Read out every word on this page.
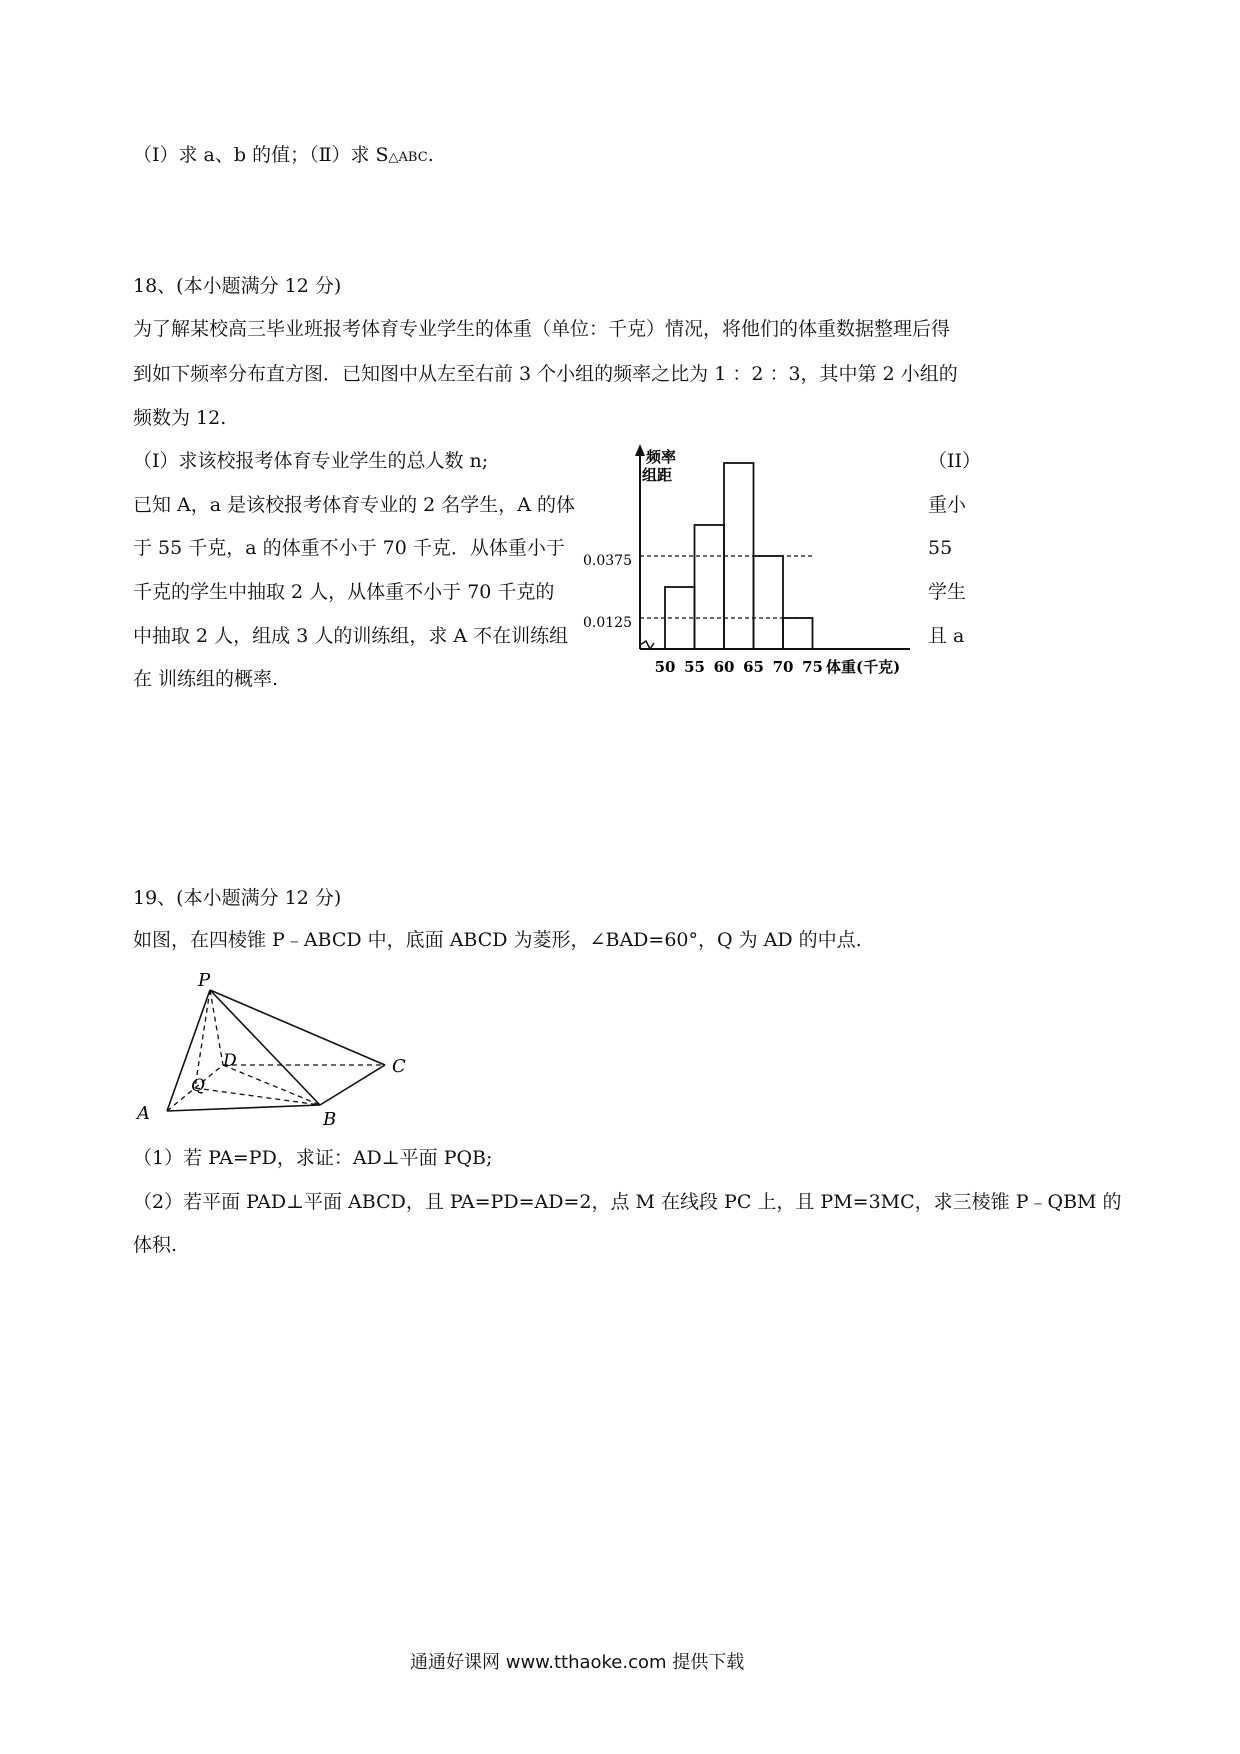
（Ⅰ）求 a、b 的值；（Ⅱ）求 S△ABC.
18、(本小题满分 12 分)
为了解某校高三毕业班报考体育专业学生的体重（单位：千克）情况，将他们的体重数据整理后得
到如下频率分布直方图．已知图中从左至右前 3 个小组的频率之比为 1 ：2 ：3，其中第 2 小组的
频数为 12.
（I）求该校报考体育专业学生的总人数 n;
已知 A，a 是该校报考体育专业的 2 名学生，A 的体
于 55 千克，a 的体重不小于 70 千克．从体重小于
千克的学生中抽取 2 人，从体重不小于 70 千克的
中抽取 2 人，组成 3 人的训练组，求 A 不在训练组
在 训练组的概率.
（II）
重小
55
学生
且 a
50 55 60 65 70 75
频率
组距
0.0375
0.0125
体重(千克)
19、(本小题满分 12 分)
如图，在四棱锥 P﹣ABCD 中，底面 ABCD 为菱形，∠BAD=60°，Q 为 AD 的中点.
P
A	B
C
D
Q
（1）若 PA=PD，求证：AD⊥平面 PQB;
（2）若平面 PAD⊥平面 ABCD，且 PA=PD=AD=2，点 M 在线段 PC 上，且 PM=3MC，求三棱锥 P﹣QBM 的
体积.
通通好课网 www.tthaoke.com 提供下载
